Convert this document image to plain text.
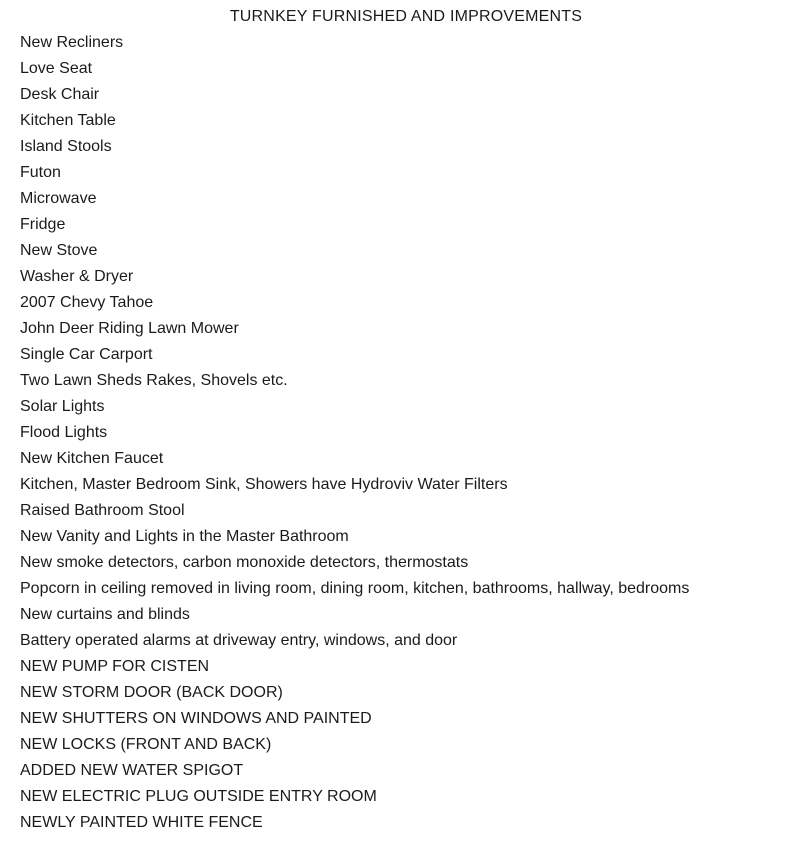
TURNKEY FURNISHED AND IMPROVEMENTS
New Recliners
Love Seat
Desk Chair
Kitchen Table
Island Stools
Futon
Microwave
Fridge
New Stove
Washer & Dryer
2007 Chevy Tahoe
John Deer Riding Lawn Mower
Single Car Carport
Two Lawn Sheds Rakes, Shovels etc.
Solar Lights
Flood Lights
New Kitchen Faucet
Kitchen, Master Bedroom Sink, Showers have Hydroviv Water Filters
Raised Bathroom Stool
New Vanity and Lights in the Master Bathroom
New smoke detectors, carbon monoxide detectors, thermostats
Popcorn in ceiling removed in living room, dining room, kitchen, bathrooms, hallway, bedrooms
New curtains and blinds
Battery operated alarms at driveway entry, windows, and door
NEW PUMP FOR CISTEN
NEW STORM DOOR (BACK DOOR)
NEW SHUTTERS ON WINDOWS AND PAINTED
NEW LOCKS (FRONT AND BACK)
ADDED NEW WATER SPIGOT
NEW ELECTRIC PLUG OUTSIDE ENTRY ROOM
NEWLY PAINTED WHITE FENCE
